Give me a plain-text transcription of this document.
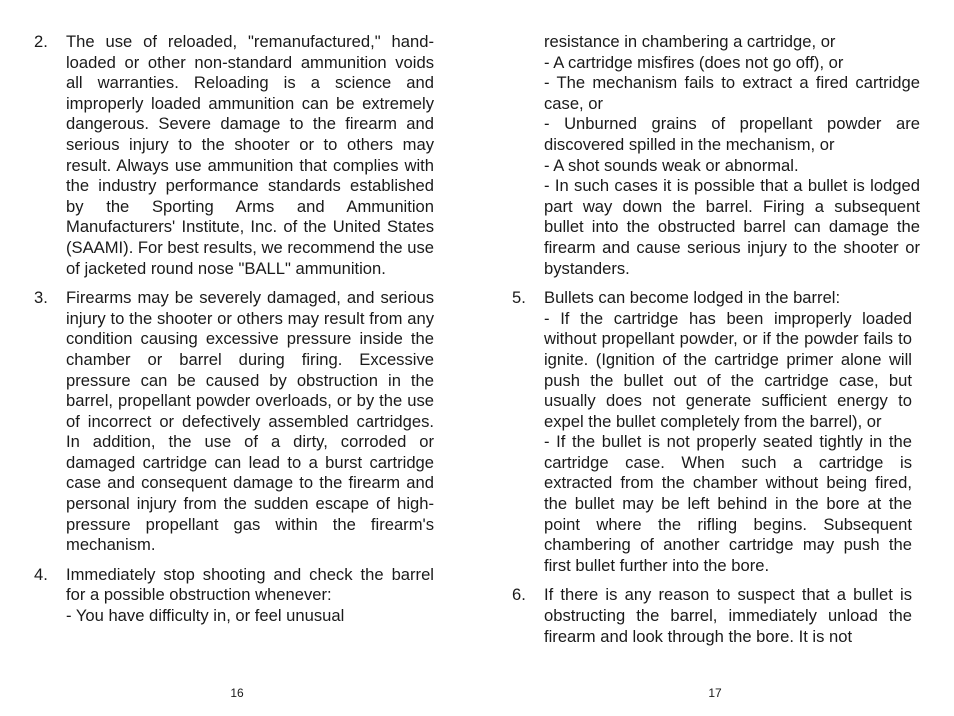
2.	The use of reloaded, "remanufactured," hand-loaded or other non-standard ammunition voids all warranties. Reloading is a science and improperly loaded ammunition can be extremely dangerous. Severe damage to the firearm and serious injury to the shooter or to others may result. Always use ammunition that complies with the industry performance standards established by the Sporting Arms and Ammunition Manufacturers' Institute, Inc. of the United States (SAAMI). For best results, we recommend the use of jacketed round nose "BALL" ammunition.
3.	Firearms may be severely damaged, and serious injury to the shooter or others may result from any condition causing excessive pressure inside the chamber or barrel during firing. Excessive pressure can be caused by obstruction in the barrel, propellant powder overloads, or by the use of incorrect or defectively assembled cartridges. In addition, the use of a dirty, corroded or damaged cartridge can lead to a burst cartridge case and consequent damage to the firearm and personal injury from the sudden escape of high-pressure propellant gas within the firearm's mechanism.
4.	Immediately stop shooting and check the barrel for a possible obstruction whenever:
- You have difficulty in, or feel unusual
resistance in chambering a cartridge, or
- A cartridge misfires (does not go off), or
- The mechanism fails to extract a fired cartridge case, or
- Unburned grains of propellant powder are discovered spilled in the mechanism, or
- A shot sounds weak or abnormal.
- In such cases it is possible that a bullet is lodged part way down the barrel. Firing a subsequent bullet into the obstructed barrel can damage the firearm and cause serious injury to the shooter or bystanders.
5.	Bullets can become lodged in the barrel:
- If the cartridge has been improperly loaded without propellant powder, or if the powder fails to ignite. (Ignition of the cartridge primer alone will push the bullet out of the cartridge case, but usually does not generate sufficient energy to expel the bullet completely from the barrel), or
- If the bullet is not properly seated tightly in the cartridge case. When such a cartridge is extracted from the chamber without being fired, the bullet may be left behind in the bore at the point where the rifling begins. Subsequent chambering of another cartridge may push the first bullet further into the bore.
6.	If there is any reason to suspect that a bullet is obstructing the barrel, immediately unload the firearm and look through the bore. It is not
16	17
